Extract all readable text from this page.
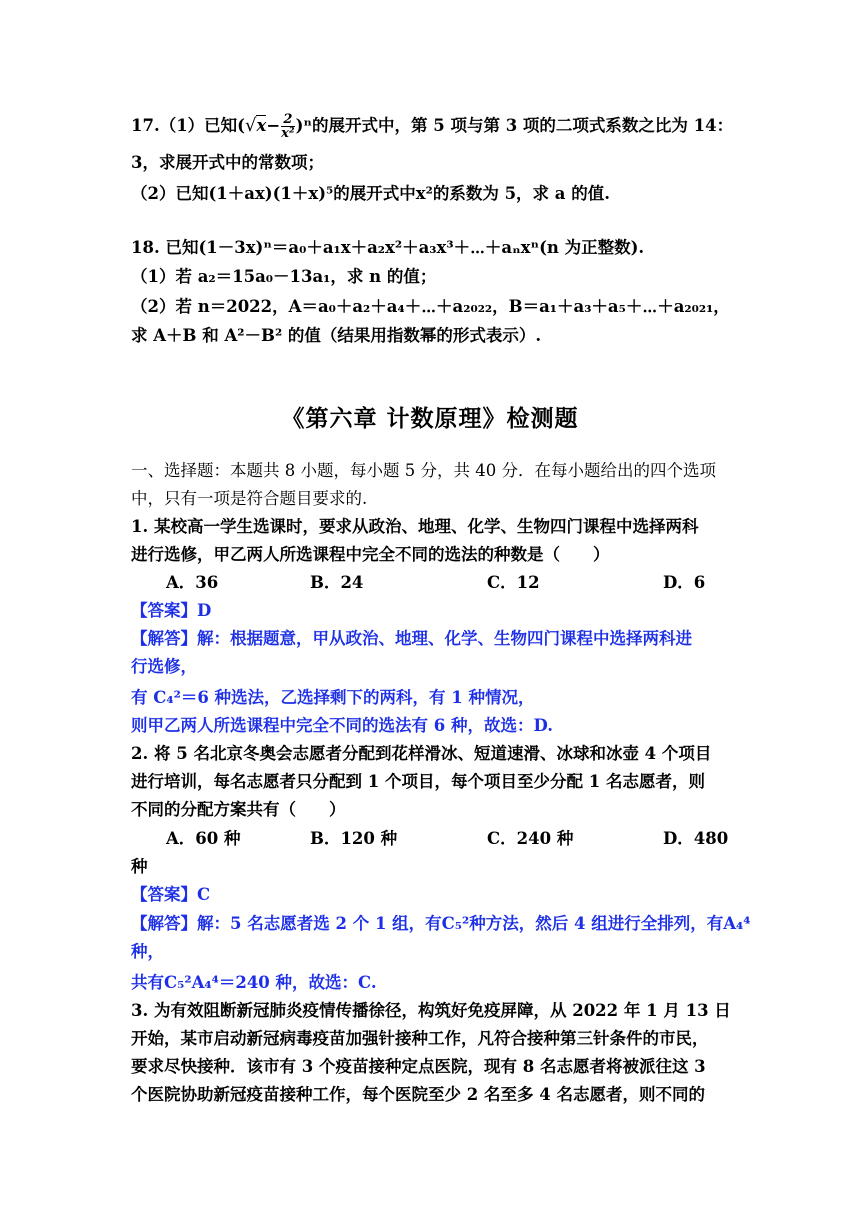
17.（1）已知$(√x- \frac{2}{\text{x²}} )^n$的展开式中，第 5 项与第 3 项的二项式系数之比为 14：
3，求展开式中的常数项；
（2）已知(1＋ax)(1＋x)⁵的展开式中x²的系数为 5，求 a 的值.
18. 已知(1－3x)ⁿ＝a₀＋a₁x＋a₂x²＋a₃x³＋⋯＋aₙxⁿ(n 为正整数).
（1）若 a₂＝15a₀－13a₁，求 n 的值；
（2）若 n＝2022，A＝a₀＋a₂＋a₄＋⋯＋a₂₀₂₂，B＝a₁＋a₃＋a₅＋⋯＋a₂₀₂₁，
求 A＋B 和 A²－B² 的值（结果用指数幂的形式表示）.
《第六章 计数原理》检测题
一、选择题：本题共 8 小题，每小题 5 分，共 40 分．在每小题给出的四个选项
中，只有一项是符合题目要求的.
1. 某校高一学生选课时，要求从政治、地理、化学、生物四门课程中选择两科
进行选修，甲乙两人所选课程中完全不同的选法的种数是（　　）
A．36	B．24	C．12	D．6
【答案】D
【解答】解：根据题意，甲从政治、地理、化学、生物四门课程中选择两科进
行选修，
有 C₄²＝6 种选法，乙选择剩下的两科，有 1 种情况，
则甲乙两人所选课程中完全不同的选法有 6 种，故选：D.
2. 将 5 名北京冬奥会志愿者分配到花样滑冰、短道速滑、冰球和冰壶 4 个项目
进行培训，每名志愿者只分配到 1 个项目，每个项目至少分配 1 名志愿者，则
不同的分配方案共有（　　）
A．60 种	B．120 种	C．240 种	D．480
种
【答案】C
【解答】解：5 名志愿者选 2 个 1 组，有C₅²种方法，然后 4 组进行全排列，有A₄⁴
种，
共有C₅²A₄⁴＝240 种，故选：C.
3. 为有效阻断新冠肺炎疫情传播徐径，构筑好免疫屏障，从 2022 年 1 月 13 日
开始，某市启动新冠病毒疫苗加强针接种工作，凡符合接种第三针条件的市民，
要求尽快接种．该市有 3 个疫苗接种定点医院，现有 8 名志愿者将被派往这 3
个医院协助新冠疫苗接种工作，每个医院至少 2 名至多 4 名志愿者，则不同的
